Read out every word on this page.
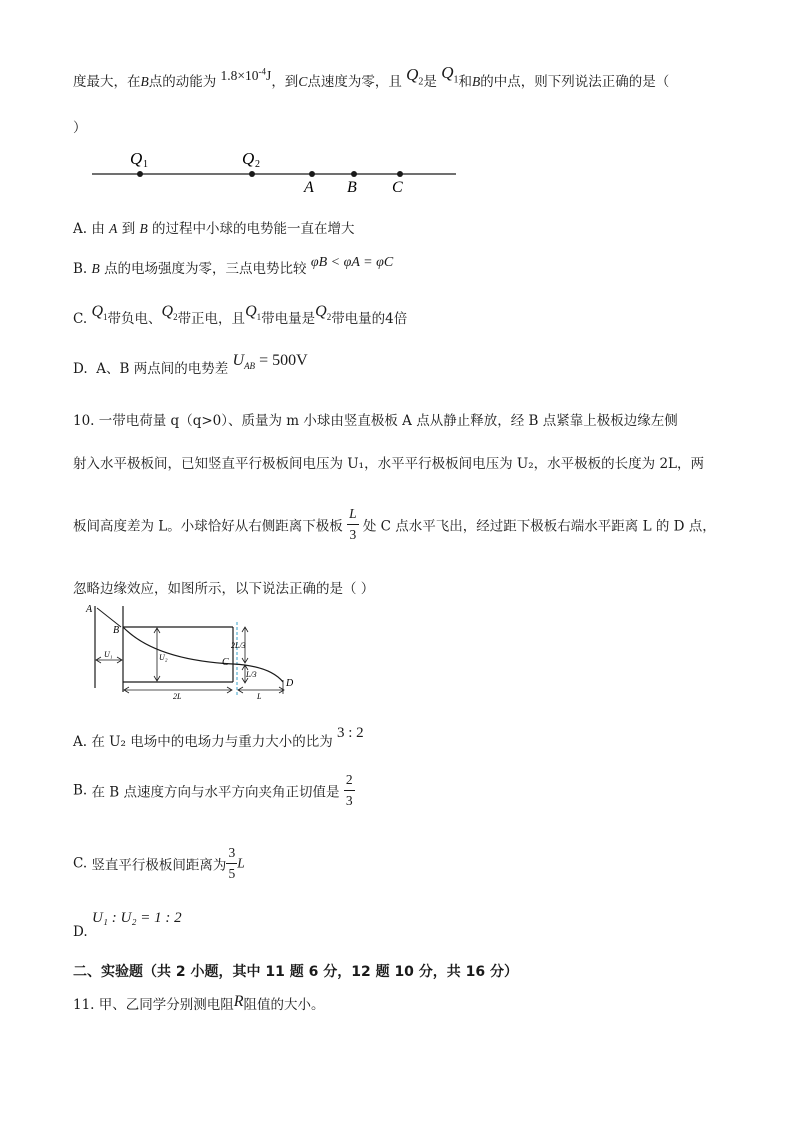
度最大，在B点的动能为 $1.8\times 10^{-4}J$，到C点速度为零，且 $Q_2$是 $Q_1$和B的中点，则下列说法正确的是（
）
Q 1	Q 2
A B C
A. 由 A 到 B 的过程中小球的电势能一直在增大
B. B 点的电场强度为零，三点电势比较 φB < φA = φC
C. $Q_1$带负电、$Q_2$带正电，且$Q_1$带电量是$Q_2$带电量的4倍
D. A、B 两点间的电势差 $U_{AB} = 500V$
10. 一带电荷量 q（q>0）、质量为 m 小球由竖直极板 A 点从静止释放，经 B 点紧靠上极板边缘左侧
射入水平极板间，已知竖直平行极板间电压为 U₁，水平平行极板间电压为 U₂，水平极板的长度为 2L，两
板间高度差为 L。小球恰好从右侧距离下极板 $\frac{L}{3}$ 处 C 点水平飞出，经过距下极板右端水平距离 L 的 D 点，
忽略边缘效应，如图所示，以下说法正确的是（ ）
A
B
C
D
U₁	U₂
2L/3
L/3
2L	L
A. 在 U₂ 电场中的电场力与重力大小的比为 3 : 2
B. 在 B 点速度方向与水平方向夹角正切值是 $\frac{2}{3}$
C. 竖直平行极板间距离为 $\frac{3}{5}$ L
D. U₁ : U₂ = 1 : 2
二、实验题（共 2 小题，其中 11 题 6 分，12 题 10 分，共 16 分）
11. 甲、乙同学分别测电阻R阻值的大小。
